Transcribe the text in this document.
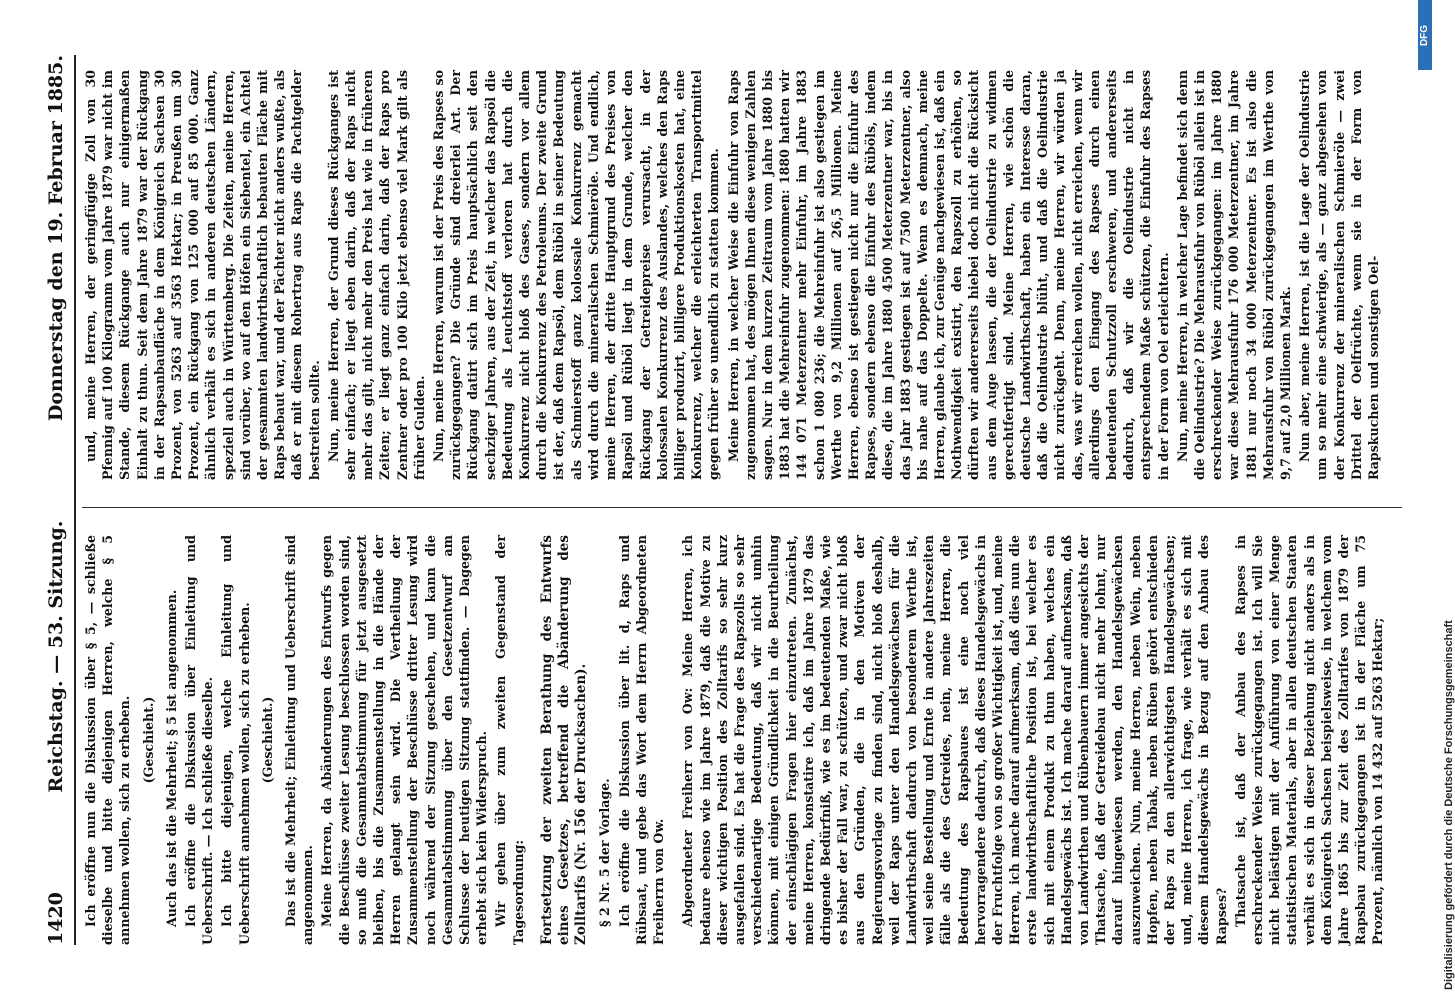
1420
Reichstag. — 53. Sitzung.
Donnerstag den 19. Februar 1885.

Ich eröffne nun die Diskussion über § 5, — schließe dieselbe und bitte diejenigen Herren, welche § 5 annehmen wollen, sich zu erheben. (Geschieht.) Auch das ist die Mehrheit; § 5 ist angenommen. Ich eröffne die Diskussion über Einleitung und Ueberschrift. — Ich schließe dieselbe. Ich bitte diejenigen, welche Einleitung und Ueberschrift annehmen wollen, sich zu erheben. (Geschieht.) Das ist die Mehrheit; Einleitung und Ueberschrift sind angenommen. Meine Herren, da Abänderungen des Entwurfs gegen die Beschlüsse zweiter Lesung beschlossen worden sind, so muß die Gesammtabstimmung für jetzt ausgesetzt bleiben, bis die Zusammenstellung in die Hände der Herren gelangt sein wird. Die Vertheilung der Zusammenstellung der Beschlüsse dritter Lesung wird noch während der Sitzung geschehen, und kann die Gesammtabstimmung über den Gesetzentwurf am Schlusse der heutigen Sitzung stattfinden. — Dagegen erhebt sich kein Widerspruch. Wir gehen über zum zweiten Gegenstand der Tagesordnung: Fortsetzung der zweiten Berathung des Entwurfs eines Gesetzes, betreffend die Abänderung des Zolltarifs (Nr. 156 der Drucksachen). § 2 Nr. 5 der Vorlage. Ich eröffne die Diskussion über lit. d, Raps und Rübsaat, und gebe das Wort dem Herrn Abgeordneten Freiherrn von Ow. Abgeordneter Freiherr von Ow: Meine Herren, ich bedaure ebenso wie im Jahre 1879, daß die Motive zu dieser wichtigen Position des Zolltarifs so sehr kurz ausgefallen sind. Es hat die Frage des Rapszolls so sehr verschiedenartige Bedeutung, daß wir nicht umhin können, mit einigen Gründlichkeit in die Beurtheilung der einschlägigen Fragen hier einzutreten. Zunächst, meine Herren, konstatire ich, daß im Jahre 1879 das dringende Bedürfniß, wie es im bedeutenden Maße, wie es bisher der Fall war, zu schützen, und zwar nicht bloß aus den Gründen, die in den Motiven der Regierungsvorlage zu finden sind, nicht bloß deshalb, weil der Raps unter den Handelsgewächsen für die Landwirthschaft dadurch von besonderem Werthe ist, weil seine Bestellung und Ernte in andere Jahreszeiten fälle als die des Getreides, nein, meine Herren, die Bedeutung des Rapsbaues ist eine noch viel hervorragendere dadurch, daß dieses Handelsgewächs in der Fruchtfolge von so großer Wichtigkeit ist, und, meine Herren, ich mache darauf aufmerksam, daß dies nun die erste landwirthschaftliche Position ist, bei welcher es sich mit einem Produkt zu thun haben, welches ein Handelsgewächs ist. Ich mache darauf aufmerksam, daß von Landwirthen und Rübenbauern immer angesichts der Thatsache, daß der Getreidebau nicht mehr lohnt, nur darauf hingewiesen werden, den Handelsgewächsen auszuweichen. Nun, meine Herren, neben Wein, neben Hopfen, neben Tabak, neben Rüben gehört entschieden der Raps zu den allerwichtigsten Handelsgewächsen; und, meine Herren, ich frage, wie verhält es sich mit diesem Handelsgewächs in Bezug auf den Anbau des Rapses? Thatsache ist, daß der Anbau des Rapses in erschreckender Weise zurückgegangen ist. Ich will Sie nicht belästigen mit der Anführung von einer Menge statistischen Materials, aber in allen deutschen Staaten verhält es sich in dieser Beziehung nicht anders als in dem Königreich Sachsen beispielsweise, in welchem vom Jahre 1865 bis zur Zeit des Zolltarifes von 1879 der Rapsbau zurückgegangen ist in der Fläche um 75 Prozent, nämlich von 14 432 auf 5263 Hektar;

und, meine Herren, der geringfügige Zoll von 30 Pfennig auf 100 Kilogramm vom Jahre 1879 war nicht im Stande, diesem Rückgange auch nur einigermaßen Einhalt zu thun. Seit dem Jahre 1879 war der Rückgang in der Rapsanbaufläche in dem Königreich Sachsen 30 Prozent, von 5263 auf 3563 Hektar; in Preußen um 30 Prozent, ein Rückgang von 125 000 auf 85 000. Ganz ähnlich verhält es sich in anderen deutschen Ländern, speziell auch in Württemberg. Die Zeiten, meine Herren, sind vorüber, wo auf den Höfen ein Siebentel, ein Achtel der gesammten landwirthschaftlich bebauten Fläche mit Raps bebaut war, und der Pächter nicht anders wußte, als daß er mit diesem Rohertrag aus Raps die Pachtgelder bestreiten sollte. Nun, meine Herren, der Grund dieses Rückganges ist sehr einfach; er liegt eben darin, daß der Raps nicht mehr das gilt, nicht mehr den Preis hat wie in früheren Zeiten; er liegt ganz einfach darin, daß der Raps pro Zentner oder pro 100 Kilo jetzt ebenso viel Mark gilt als früher Gulden. Nun, meine Herren, warum ist der Preis des Rapses so zurückgegangen? Die Gründe sind dreierlei Art. Der Rückgang datirt sich im Preis hauptsächlich seit den sechziger Jahren, aus der Zeit, in welcher das Rapsöl die Bedeutung als Leuchtstoff verloren hat durch die Konkurrenz nicht bloß des Gases, sondern vor allem durch die Konkurrenz des Petroleums. Der zweite Grund ist der, daß dem Rapsöl, dem Rüböl in seiner Bedeutung als Schmierstoff ganz kolossale Konkurrenz gemacht wird durch die mineralischen Schmieröle. Und endlich, meine Herren, der dritte Hauptgrund des Preises von Rapsöl und Rüböl liegt in dem Grunde, welcher den Rückgang der Getreidepreise verursacht, in der kolossalen Konkurrenz des Auslandes, welches den Raps billiger produzirt, billigere Produktionskosten hat, eine Konkurrenz, welcher die erleichterten Transportmittel gegen früher so unendlich zu statten kommen. Meine Herren, in welcher Weise die Einfuhr von Raps zugenommen hat, des mögen Ihnen diese wenigen Zahlen sagen. Nur in dem kurzen Zeitraum vom Jahre 1880 bis 1883 hat die Mehreinfuhr zugenommen: 1880 hatten wir 144 071 Meterzentner mehr Einfuhr, im Jahre 1883 schon 1 080 236; die Mehreinfuhr ist also gestiegen im Werthe von 9,2 Millionen auf 26,5 Millionen. Meine Herren, ebenso ist gestiegen nicht nur die Einfuhr des Rapses, sondern ebenso die Einfuhr des Rüböls, indem diese, die im Jahre 1880 4500 Meterzentner war, bis in das Jahr 1883 gestiegen ist auf 7500 Meterzentner, also bis nahe auf das Doppelte. Wenn es demnach, meine Herren, glaube ich, zur Genüge nachgewiesen ist, daß ein Nothwendigkeit existirt, den Rapszoll zu erhöhen, so dürften wir andererseits hiebei doch nicht die Rücksicht aus dem Auge lassen, die der Oelindustrie zu widmen gerechtfertigt sind. Meine Herren, wie schön die deutsche Landwirthschaft, haben ein Interesse daran, daß die Oelindustrie blüht, und daß die Oelindustrie nicht zurückgeht. Denn, meine Herren, wir würden ja das, was wir erreichen wollen, nicht erreichen, wenn wir allerdings den Eingang des Rapses durch einen bedeutenden Schutzzoll erschweren, und andererseits dadurch, daß wir die Oelindustrie nicht in entsprechendem Maße schützen, die Einfuhr des Rapses in der Form von Oel erleichtern. Nun, meine Herren, in welcher Lage befindet sich denn die Oelindustrie? Die Mehrausfuhr von Rüböl allein ist in erschreckender Weise zurückgegangen: im Jahre 1880 war diese Mehrausfuhr 176 000 Meterzentner, im Jahre 1881 nur noch 34 000 Meterzentner. Es ist also die Mehrausfuhr von Rüböl zurückgegangen im Werthe von 9,7 auf 2,0 Millionen Mark. Nun aber, meine Herren, ist die Lage der Oelindustrie um so mehr eine schwierige, als — ganz abgesehen von der Konkurrenz der mineralischen Schmieröle — zwei Drittel der Oelfrüchte, wenn sie in der Form von Rapskuchen und sonstigen Oel-

Digitalisierung gefördert durch die Deutsche Forschungsgemeinschaft
DFG
